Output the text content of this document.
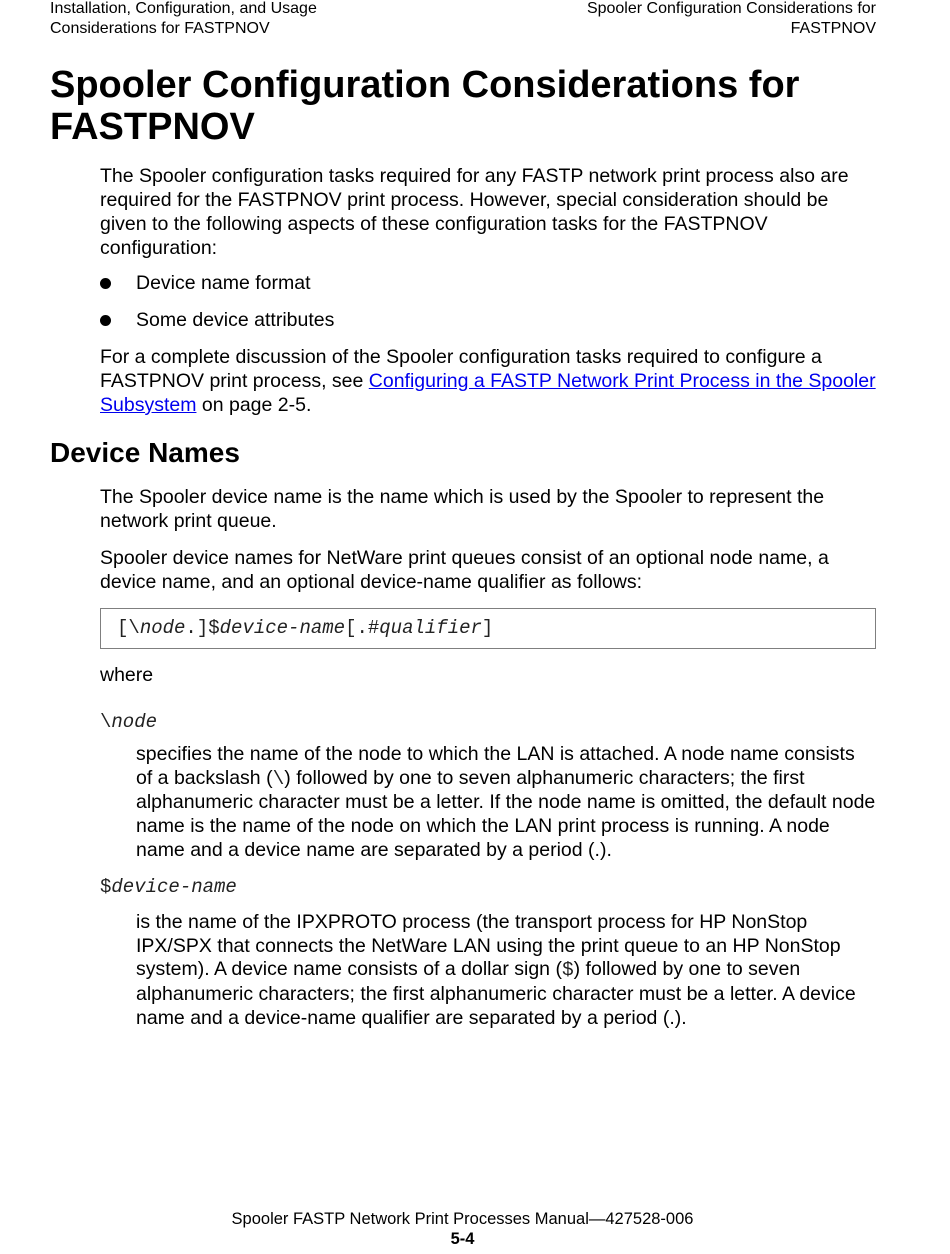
Installation, Configuration, and Usage
Considerations for FASTPNOV
Spooler Configuration Considerations for
FASTPNOV
Spooler Configuration Considerations for FASTPNOV

The Spooler configuration tasks required for any FASTP network print process also are required for the FASTPNOV print process. However, special consideration should be given to the following aspects of these configuration tasks for the FASTPNOV configuration:

Device name format
Some device attributes

For a complete discussion of the Spooler configuration tasks required to configure a FASTPNOV print process, see Configuring a FASTP Network Print Process in the Spooler Subsystem on page 2-5.

Device Names

The Spooler device name is the name which is used by the Spooler to represent the network print queue.

Spooler device names for NetWare print queues consist of an optional node name, a device name, and an optional device-name qualifier as follows:

[\node.]$device-name[.#qualifier]

where

\node

specifies the name of the node to which the LAN is attached. A node name consists of a backslash (\) followed by one to seven alphanumeric characters; the first alphanumeric character must be a letter. If the node name is omitted, the default node name is the name of the node on which the LAN print process is running. A node name and a device name are separated by a period (.).

$device-name

is the name of the IPXPROTO process (the transport process for HP NonStop IPX/SPX that connects the NetWare LAN using the print queue to an HP NonStop system). A device name consists of a dollar sign ($) followed by one to seven alphanumeric characters; the first alphanumeric character must be a letter. A device name and a device-name qualifier are separated by a period (.).

Spooler FASTP Network Print Processes Manual—427528-006
5-4
